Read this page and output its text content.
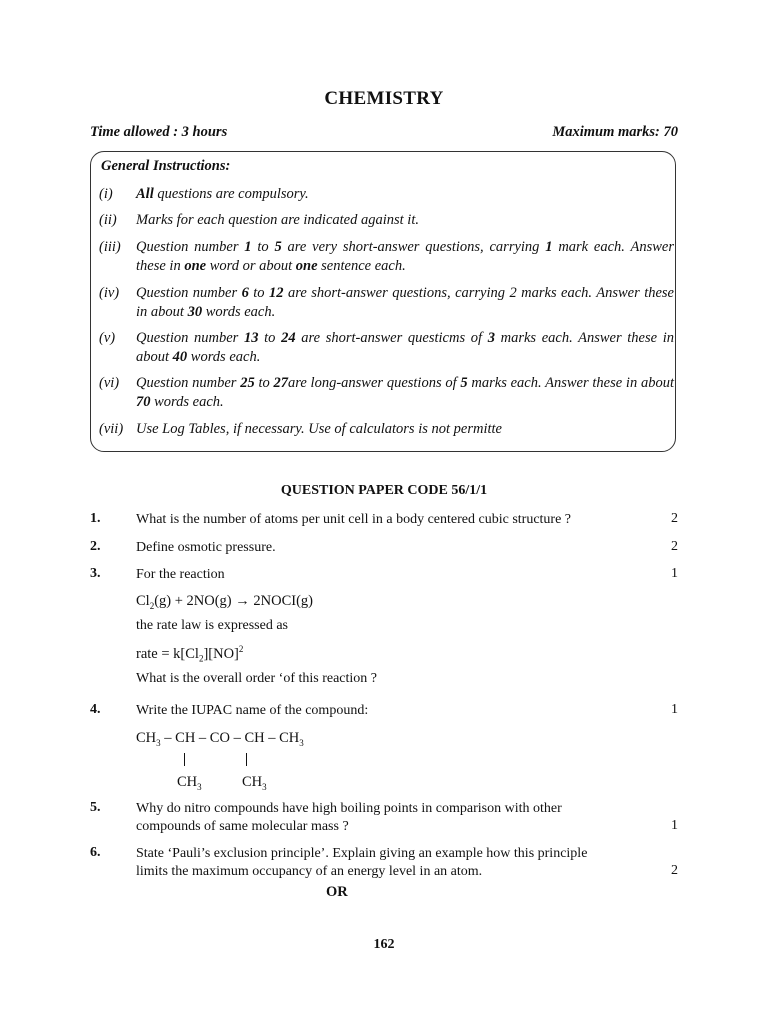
CHEMISTRY
Time allowed : 3 hours	Maximum marks: 70
General Instructions:
(i)	All questions are compulsory.
(ii)	Marks for each question are indicated against it.
(iii)	Question number 1 to 5 are very short-answer questions, carrying 1 mark each. Answer these in one word or about one sentence each.
(iv)	Question number 6 to 12 are short-answer questions, carrying 2 marks each. Answer these in about 30 words each.
(v)	Question number 13 to 24 are short-answer questicms of 3 marks each. Answer these in about 40 words each.
(vi)	Question number 25 to 27are long-answer questions of 5 marks each. Answer these in about 70 words each.
(vii) Use Log Tables, if necessary. Use of calculators is not permitte
QUESTION PAPER CODE 56/1/1
1.	What is the number of atoms per unit cell in a body centered cubic structure ?	2
2.	Define osmotic pressure.	2
3.	For the reaction	1
$Cl_2(g) + 2NO(g)$ → 2NOCI(g)
the rate law is expressed as
rate = $k[Cl_2][NO]^2$
What is the overall order ‘of this reaction ?
4.	Write the IUPAC name of the compound:	1
$CH_3$ – CH – CO – CH – $CH_3$
$CH_3$	$CH_3$
5.	Why do nitro compounds have high boiling points in comparison with other compounds of same molecular mass ?	1
6.	State ‘Pauli’s exclusion principle’. Explain giving an example how this principle limits the maximum occupancy of an energy level in an atom.	2
OR
162
